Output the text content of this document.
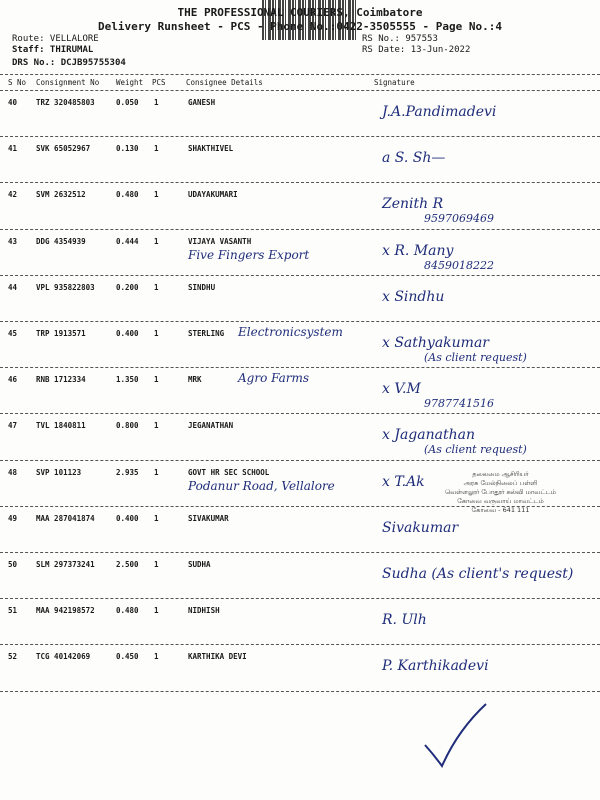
THE PROFESSIONAL COURIERS, Coimbatore
Delivery Runsheet - PCS - Phone No.:0422-3505555 - Page No.:4
Route: VELLALORE
Staff: THIRUMAL
DRS No.: DCJB95755304
RS No.: 957553
RS Date: 13-Jun-2022
S No Consignment No Weight PCS	Consignee Details	Signature
40	TRZ 320485803	0.050 1	GANESH
J.A.Pandimadevi
41	SVK 65052967	0.130 1	SHAKTHIVEL
a S. Sh—
42	SVM 2632512	0.480 1	UDAYAKUMARI
Zenith R
9597069469
43	DDG 4354939	0.444 1	VIJAYA VASANTH
Five Fingers Export	x R. Many
8459018222
44	VPL 935822803	0.200 1	SINDHU
x Sindhu
45	TRP 1913571	0.400 1	STERLING Electronicsystem
x Sathyakumar
(As client request)
46	RNB 1712334	1.350 1	MRK	Agro Farms
x V.M
9787741516
47	TVL 1840811	0.800 1	JEGANATHAN
x Jaganathan
(As client request)
48	SVP 101123	2.935 1	GOVT HR SEC SCHOOL
Podanur Road, Vellalore	x T.Ak
49	MAA 287041874	0.400 1	SIVAKUMAR
Sivakumar
50	SLM 297373241	2.500 1	SUDHA
Sudha (As client's request)
51	MAA 942198572	0.480 1	NIDHISH
R. Ulh
52	TCG 40142069	0.450 1	KARTHIKA DEVI
P. Karthikadevi
தலைமை ஆசிரியர்
அரசு மேல்நிலைப் பள்ளி
வெள்ளலூர் போதூர் கல்வி மாவட்டம்
கோவை வருவாய் மாவட்டம்
கோவை - 641 111
